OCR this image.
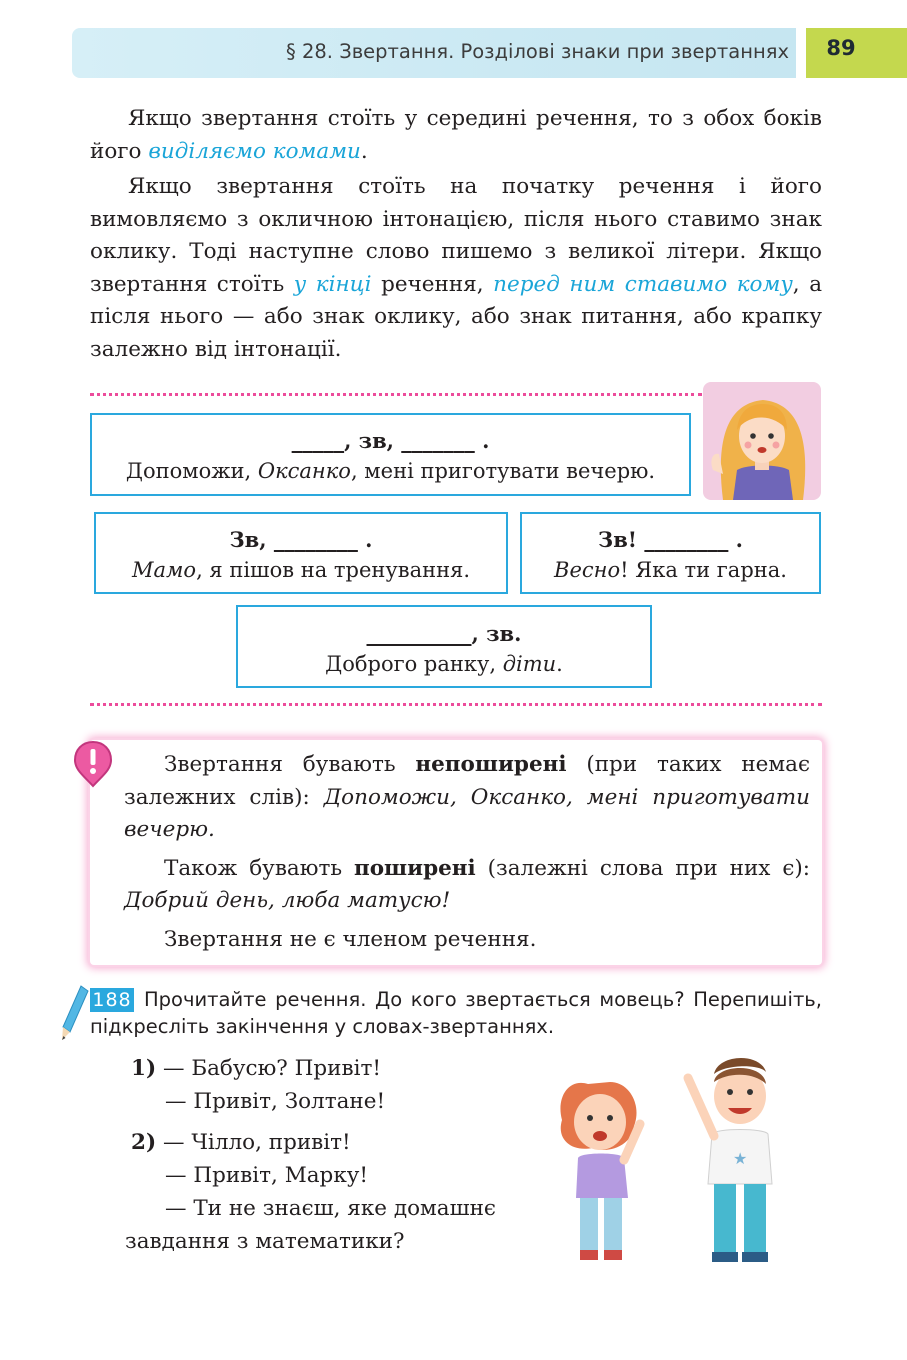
§ 28. Звертання. Розділові знаки при звертаннях	89
Якщо звертання стоїть у середині речення, то з обох боків його виділяємо комами.
Якщо звертання стоїть на початку речення і його вимовляємо з окличною інтонацією, після нього ставимо знак оклику. Тоді наступне слово пишемо з великої літери. Якщо звертання стоїть у кінці речення, перед ним ставимо кому, а після нього — або знак оклику, або знак питання, або крапку залежно від інтонації.
_____, зв, _______ .
Допоможи, Оксанко, мені приготувати вечерю.
Зв, ________ .
Мамо, я пішов на тренування.
Зв! ________ .
Весно! Яка ти гарна.
__________, зв.
Доброго ранку, діти.
Звертання бувають непоширені (при таких немає залежних слів): Допоможи, Оксанко, мені приготувати вечерю.
Також бувають поширені (залежні слова при них є): Добрий день, люба матусю!
Звертання не є членом речення.
188 Прочитайте речення. До кого звертається мовець? Перепишіть, підкресліть закінчення у словах-звертаннях.
1) — Бабусю? Привіт!
— Привіт, Золтане!
2) — Чілло, привіт!
— Привіт, Марку!
— Ти не знаєш, яке домашнє
завдання з математики?
★
